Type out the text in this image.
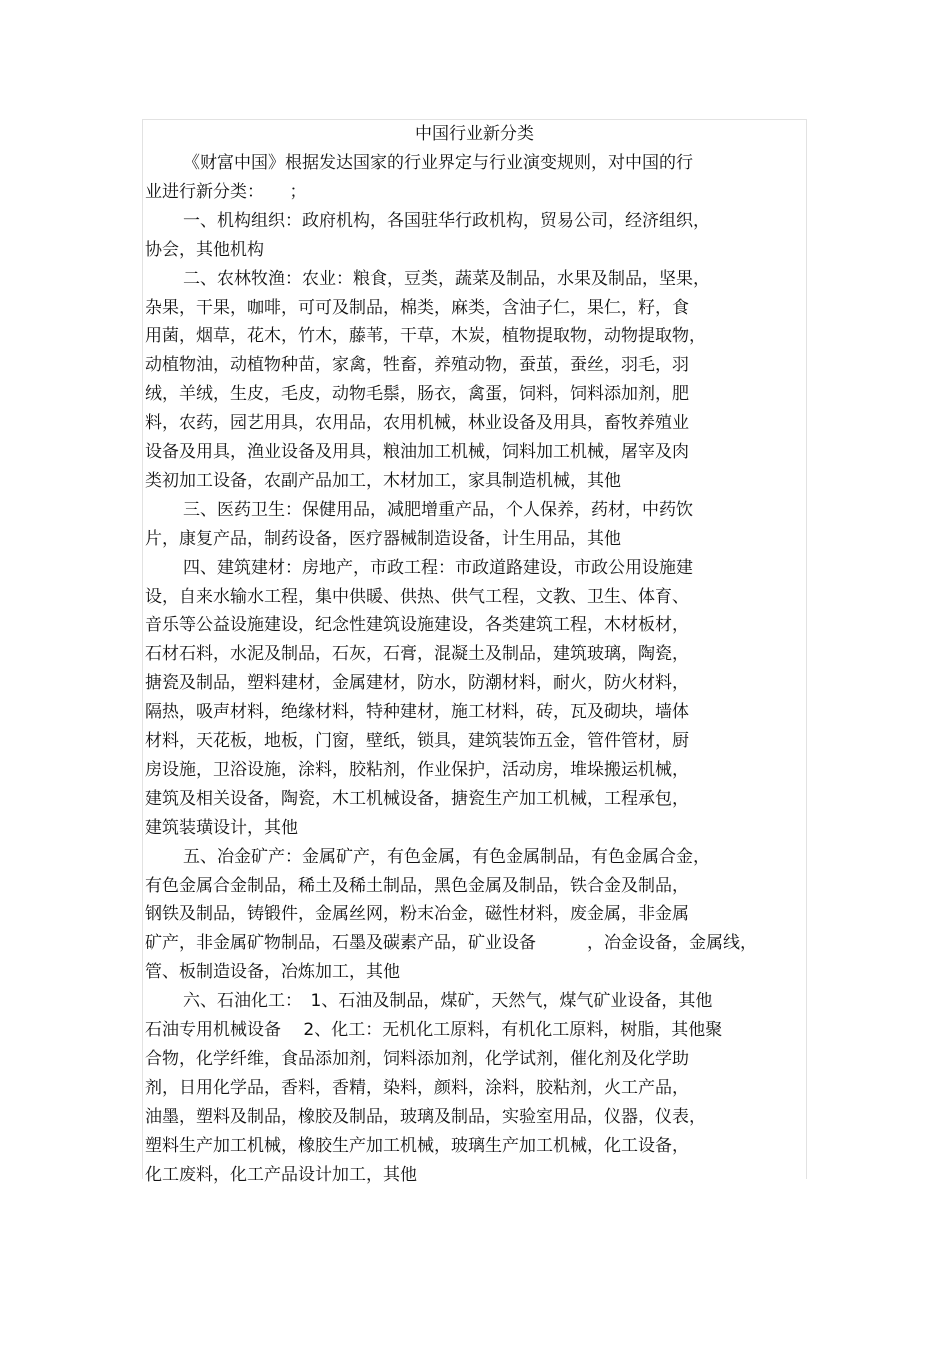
中国行业新分类
《财富中国》根据发达国家的行业界定与行业演变规则，对中国的行
业进行新分类：　　；
一、机构组织：政府机构，各国驻华行政机构，贸易公司，经济组织，
协会，其他机构
二、农林牧渔：农业：粮食，豆类，蔬菜及制品，水果及制品，坚果，
杂果，干果，咖啡，可可及制品，棉类，麻类，含油子仁，果仁，籽，食
用菌，烟草，花木，竹木，藤苇，干草，木炭，植物提取物，动物提取物，
动植物油，动植物种苗，家禽，牲畜，养殖动物，蚕茧，蚕丝，羽毛，羽
绒，羊绒，生皮，毛皮，动物毛鬃，肠衣，禽蛋，饲料，饲料添加剂，肥
料，农药，园艺用具，农用品，农用机械，林业设备及用具，畜牧养殖业
设备及用具，渔业设备及用具，粮油加工机械，饲料加工机械，屠宰及肉
类初加工设备，农副产品加工，木材加工，家具制造机械，其他
三、医药卫生：保健用品，减肥增重产品，个人保养，药材，中药饮
片，康复产品，制药设备，医疗器械制造设备，计生用品，其他
四、建筑建材：房地产，市政工程：市政道路建设，市政公用设施建
设，自来水输水工程，集中供暖、供热、供气工程，文教、卫生、体育、
音乐等公益设施建设，纪念性建筑设施建设，各类建筑工程，木材板材，
石材石料，水泥及制品，石灰，石膏，混凝土及制品，建筑玻璃，陶瓷，
搪瓷及制品，塑料建材，金属建材，防水，防潮材料，耐火，防火材料，
隔热，吸声材料，绝缘材料，特种建材，施工材料，砖，瓦及砌块，墙体
材料，天花板，地板，门窗，壁纸，锁具，建筑装饰五金，管件管材，厨
房设施，卫浴设施，涂料，胶粘剂，作业保护，活动房，堆垛搬运机械，
建筑及相关设备，陶瓷，木工机械设备，搪瓷生产加工机械，工程承包，
建筑装璜设计，其他
五、冶金矿产：金属矿产，有色金属，有色金属制品，有色金属合金，
有色金属合金制品，稀土及稀土制品，黑色金属及制品，铁合金及制品，
钢铁及制品，铸锻件，金属丝网，粉末冶金，磁性材料，废金属，非金属
矿产，非金属矿物制品，石墨及碳素产品，矿业设备　　　，冶金设备，金属线，
管、板制造设备，冶炼加工，其他
六、石油化工：　1、石油及制品，煤矿，天然气，煤气矿业设备，其他
石油专用机械设备　 2、化工：无机化工原料，有机化工原料，树脂，其他聚
合物，化学纤维，食品添加剂，饲料添加剂，化学试剂，催化剂及化学助
剂，日用化学品，香料，香精，染料，颜料，涂料，胶粘剂，火工产品，
油墨，塑料及制品，橡胶及制品，玻璃及制品，实验室用品，仪器，仪表，
塑料生产加工机械，橡胶生产加工机械，玻璃生产加工机械，化工设备，
化工废料，化工产品设计加工，其他
